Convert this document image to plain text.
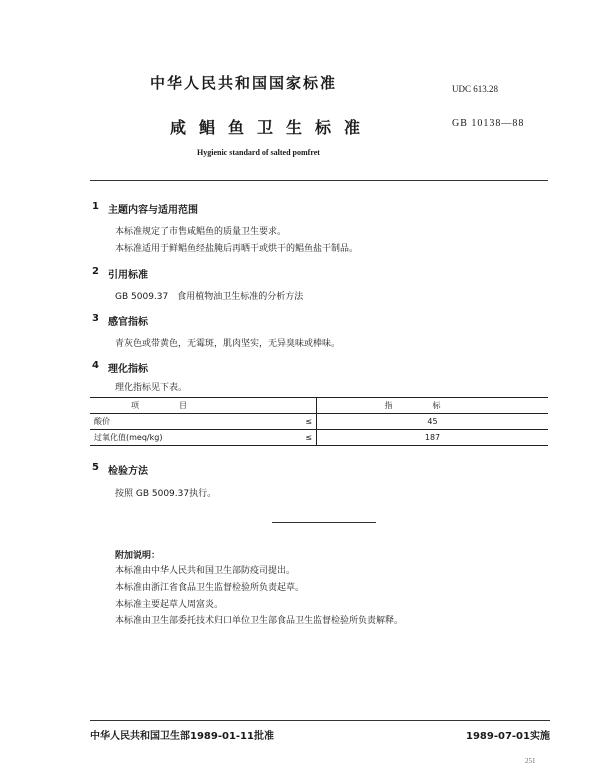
中华人民共和国国家标准	UDC 613.28
咸鲳鱼卫生标准	GB 10138—88
Hygienic standard of salted pomfret
1 主题内容与适用范围
本标准规定了市售咸鲳鱼的质量卫生要求。
本标准适用于鲜鲳鱼经盐腌后再晒干或烘干的鲳鱼盐干制品。
2 引用标准
GB 5009.37　食用植物油卫生标准的分析方法
3 感官指标
青灰色或带黄色，无霉斑，肌肉坚实，无异臭味或棒味。
4 理化指标
理化指标见下表。
项目		指标
酸价	≤	45
过氧化值(meq/kg)	≤	187
5 检验方法
按照 GB 5009.37执行。
附加说明：
本标准由中华人民共和国卫生部防疫司提出。
本标准由浙江省食品卫生监督检验所负责起草。
本标准主要起草人周富炎。
本标准由卫生部委托技术归口单位卫生部食品卫生监督检验所负责解释。
中华人民共和国卫生部1989-01-11批准	1989-07-01实施
251
